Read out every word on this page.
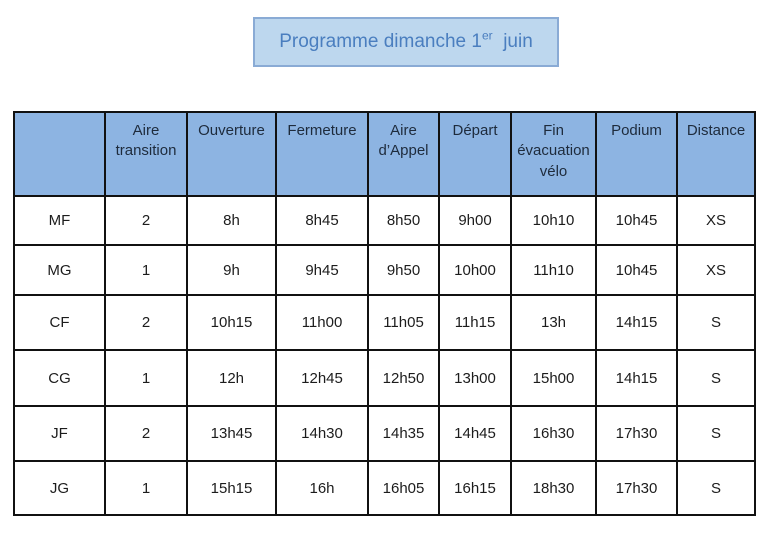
Programme dimanche 1er  juin
	Aire transition	Ouverture	Fermeture	Aire d’Appel	Départ	Fin évacuation vélo	Podium	Distance
MF	2	8h	8h45	8h50	9h00	10h10	10h45	XS
MG	1	9h	9h45	9h50	10h00	11h10	10h45	XS
CF	2	10h15	11h00	11h05	11h15	13h	14h15	S
CG	1	12h	12h45	12h50	13h00	15h00	14h15	S
JF	2	13h45	14h30	14h35	14h45	16h30	17h30	S
JG	1	15h15	16h	16h05	16h15	18h30	17h30	S
